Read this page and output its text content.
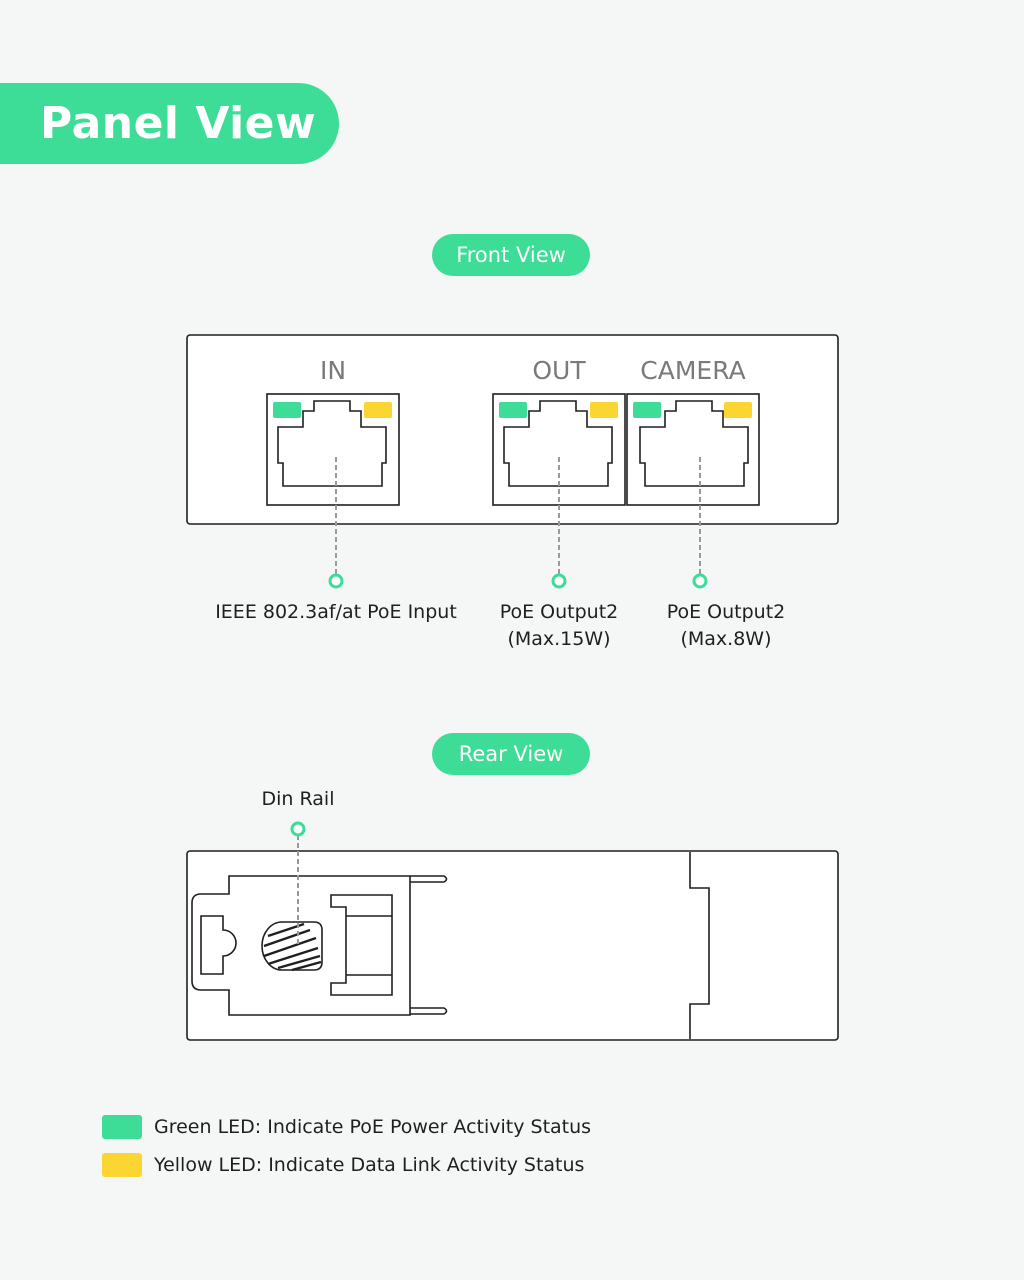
Panel View
Front View
Rear View
IN	OUT CAMERA
IEEE 802.3af/at PoE Input PoE Output2
(Max.15W)
PoE Output2
(Max.8W)
Din Rail
Green LED: Indicate PoE Power Activity Status
Yellow LED: Indicate Data Link Activity Status
